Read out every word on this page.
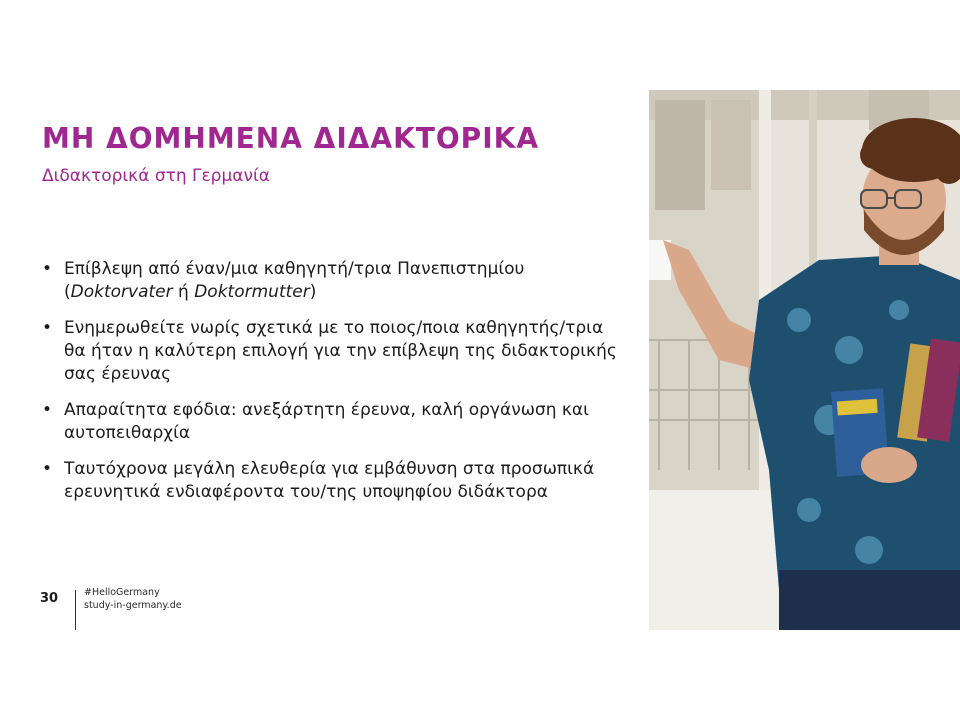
ΜΗ ΔΟΜΗΜΕΝΑ ΔΙΔΑΚΤΟΡΙΚΑ
Διδακτορικά στη Γερμανία
• Επίβλεψη από έναν/μια καθηγητή/τρια Πανεπιστημίου
(Doktorvater ή Doktormutter)
• Ενημερωθείτε νωρίς σχετικά με το ποιος/ποια καθηγητής/τρια θα ήταν η καλύτερη επιλογή για την επίβλεψη της διδακτορικής σας έρευνας
• Απαραίτητα εφόδια: ανεξάρτητη έρευνα, καλή οργάνωση και αυτοπειθαρχία
• Ταυτόχρονα μεγάλη ελευθερία για εμβάθυνση στα προσωπικά ερευνητικά ενδιαφέροντα του/της υποψηφίου διδάκτορα
30	#HelloGermany
study-in-germany.de
